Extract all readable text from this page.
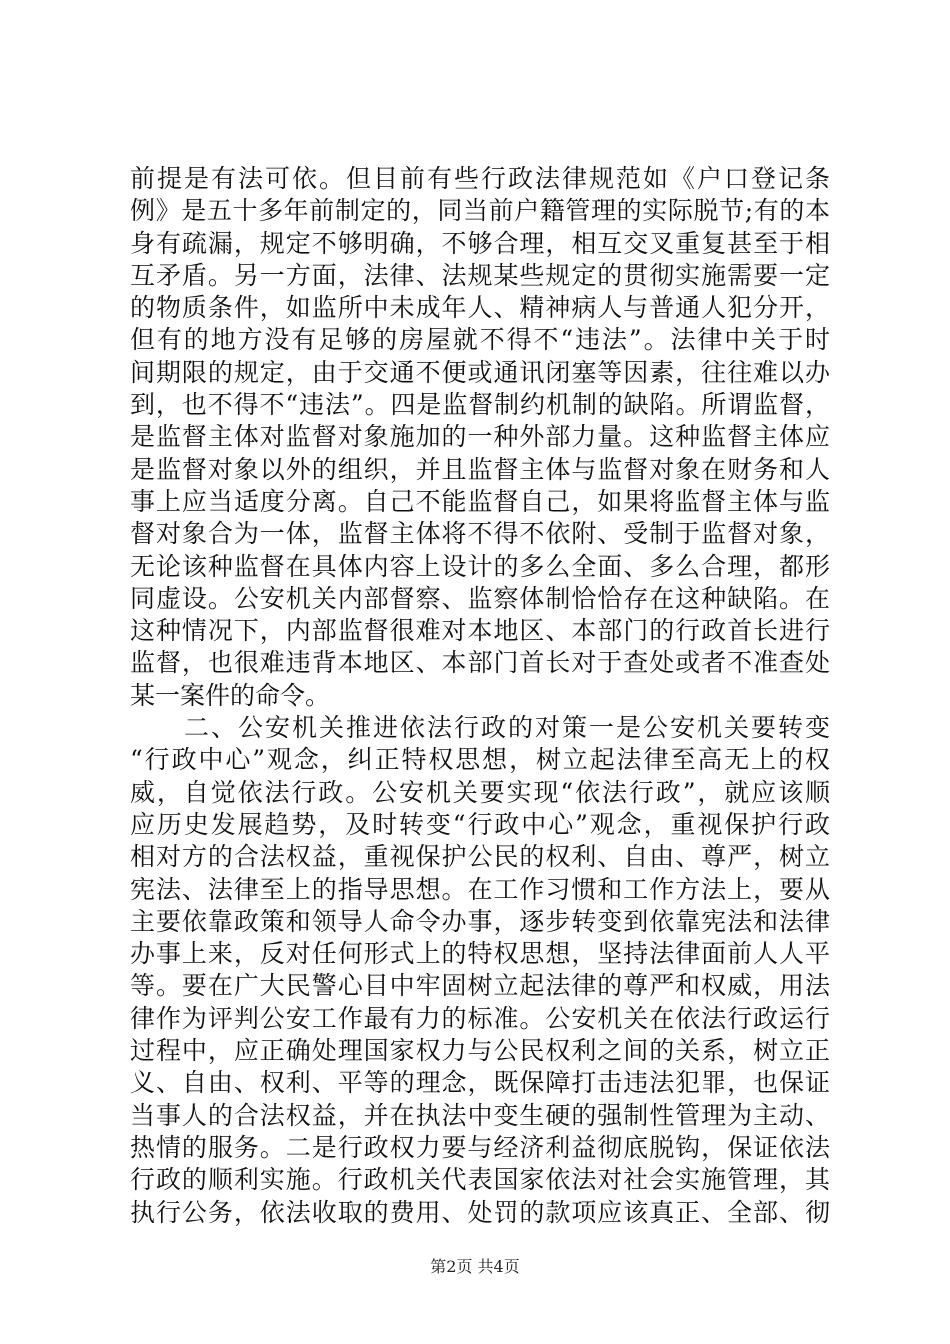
前提是有法可依。但目前有些行政法律规范如《户口登记条
例》是五十多年前制定的，同当前户籍管理的实际脱节;有的本
身有疏漏，规定不够明确，不够合理，相互交叉重复甚至于相
互矛盾。另一方面，法律、法规某些规定的贯彻实施需要一定
的物质条件，如监所中未成年人、精神病人与普通人犯分开，
但有的地方没有足够的房屋就不得不“违法”。法律中关于时
间期限的规定，由于交通不便或通讯闭塞等因素，往往难以办
到，也不得不“违法”。四是监督制约机制的缺陷。所谓监督，
是监督主体对监督对象施加的一种外部力量。这种监督主体应
是监督对象以外的组织，并且监督主体与监督对象在财务和人
事上应当适度分离。自己不能监督自己，如果将监督主体与监
督对象合为一体，监督主体将不得不依附、受制于监督对象，
无论该种监督在具体内容上设计的多么全面、多么合理，都形
同虚设。公安机关内部督察、监察体制恰恰存在这种缺陷。在
这种情况下，内部监督很难对本地区、本部门的行政首长进行
监督，也很难违背本地区、本部门首长对于查处或者不准查处
某一案件的命令。
　　二、公安机关推进依法行政的对策一是公安机关要转变
“行政中心”观念，纠正特权思想，树立起法律至高无上的权
威，自觉依法行政。公安机关要实现“依法行政”，就应该顺
应历史发展趋势，及时转变“行政中心”观念，重视保护行政
相对方的合法权益，重视保护公民的权利、自由、尊严，树立
宪法、法律至上的指导思想。在工作习惯和工作方法上，要从
主要依靠政策和领导人命令办事，逐步转变到依靠宪法和法律
办事上来，反对任何形式上的特权思想，坚持法律面前人人平
等。要在广大民警心目中牢固树立起法律的尊严和权威，用法
律作为评判公安工作最有力的标准。公安机关在依法行政运行
过程中，应正确处理国家权力与公民权利之间的关系，树立正
义、自由、权利、平等的理念，既保障打击违法犯罪，也保证
当事人的合法权益，并在执法中变生硬的强制性管理为主动、
热情的服务。二是行政权力要与经济利益彻底脱钩，保证依法
行政的顺利实施。行政机关代表国家依法对社会实施管理，其
执行公务，依法收取的费用、处罚的款项应该真正、全部、彻
第2页 共4页
